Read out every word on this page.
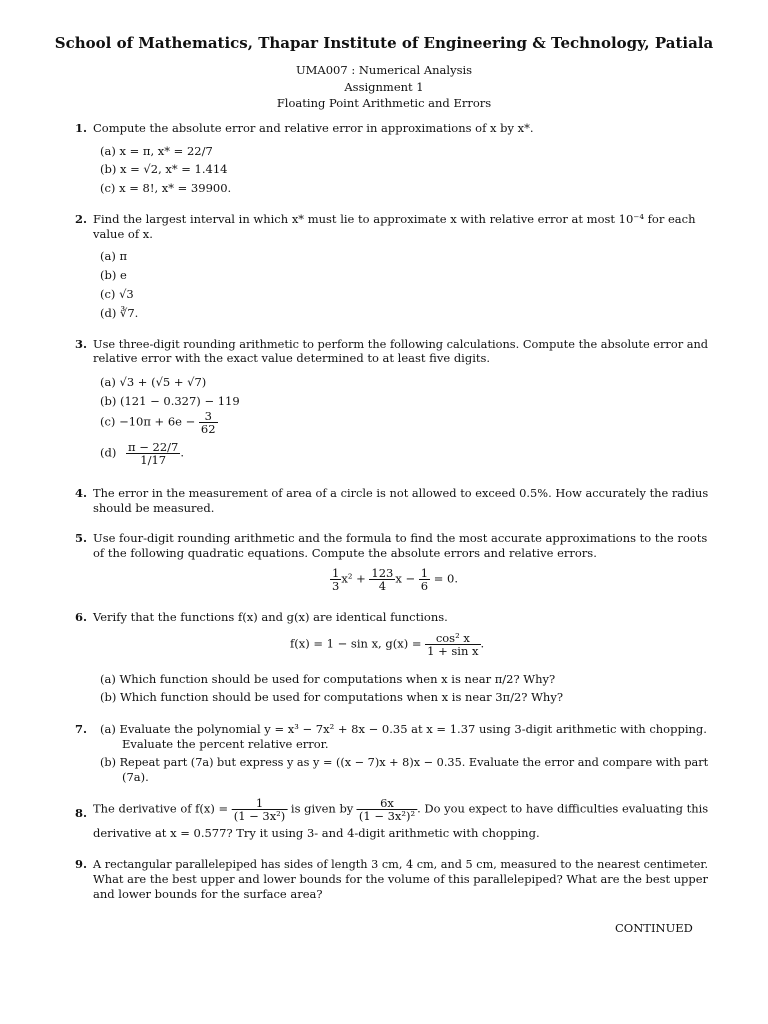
School of Mathematics, Thapar Institute of Engineering & Technology, Patiala
UMA007 : Numerical Analysis
Assignment 1
Floating Point Arithmetic and Errors
1. Compute the absolute error and relative error in approximations of x by x*.
(a) x = π, x* = 22/7
(b) x = √2, x* = 1.414
(c) x = 8!, x* = 39900.
2. Find the largest interval in which x* must lie to approximate x with relative error at most 10⁻⁴ for each
value of x.
(a) π
(b) e
(c) √3
(d) ∛7.
3. Use three-digit rounding arithmetic to perform the following calculations. Compute the absolute error and
relative error with the exact value determined to at least five digits.
(a) √3 + (√5 + √7)
(b) (121 − 0.327) − 119
$(c) -10\pi + 6e - \frac{3}{62}$
$(d) \frac{\pi - 22/7}{1/17}$ .
4. The error in the measurement of area of a circle is not allowed to exceed 0.5%. How accurately the radius
should be measured.
5. Use four-digit rounding arithmetic and the formula to find the most accurate approximations to the roots
of the following quadratic equations. Compute the absolute errors and relative errors.
$\frac{1}{3} x^2 + \frac{123}{4}$ $x - \frac{1}{6} = 0$.
6. Verify that the functions f(x) and g(x) are identical functions.
f(x) = 1 − sin x, $g(x) = \frac{\text{cos² x}}{\text{1 + sin x}}$ .
(a) Which function should be used for computations when x is near π/2? Why?
(b) Which function should be used for computations when x is near 3π/2? Why?
7. (a) Evaluate the polynomial y = x³ − 7x² + 8x − 0.35 at x = 1.37 using 3-digit arithmetic with chopping.
Evaluate the percent relative error.
(b) Repeat part (7a) but express y as y = ((x − 7)x + 8)x − 0.35. Evaluate the error and compare with part
(7a).
8. The derivative of $f(x) = \frac{1}{\text{(1 − 3x²)}}$ is given by $\frac{6x}{\text{(1 − 3x²)²}}$ . Do you expect to have difficulties evaluating this
derivative at x = 0.577? Try it using 3- and 4-digit arithmetic with chopping.
9. A rectangular parallelepiped has sides of length 3 cm, 4 cm, and 5 cm, measured to the nearest centimeter.
What are the best upper and lower bounds for the volume of this parallelepiped? What are the best upper
and lower bounds for the surface area?
CONTINUED
